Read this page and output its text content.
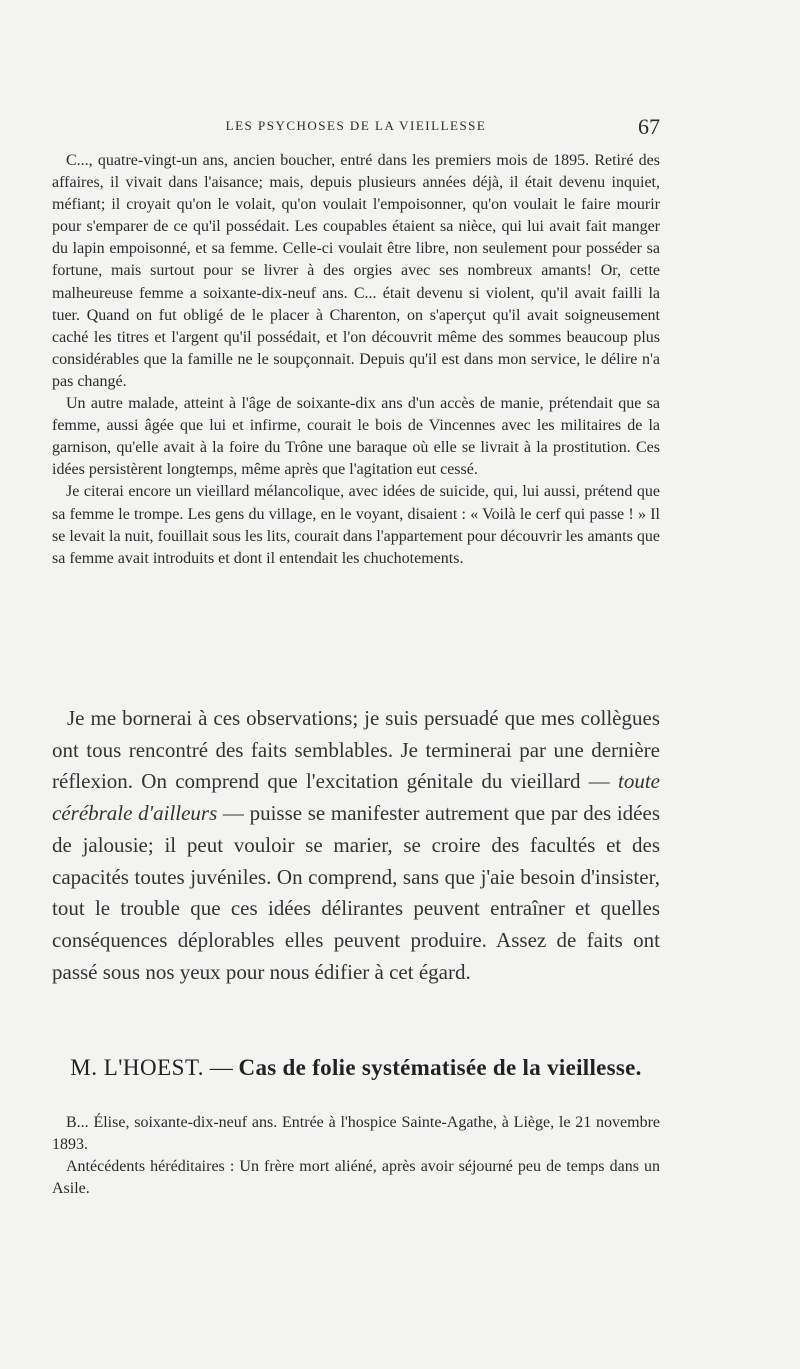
LES PSYCHOSES DE LA VIEILLESSE	67

C..., quatre-vingt-un ans, ancien boucher, entré dans les premiers mois de 1895. Retiré des affaires, il vivait dans l'aisance; mais, depuis plusieurs années déjà, il était devenu inquiet, méfiant; il croyait qu'on le volait, qu'on voulait l'empoisonner, qu'on voulait le faire mourir pour s'emparer de ce qu'il possédait. Les coupables étaient sa nièce, qui lui avait fait manger du lapin empoisonné, et sa femme. Celle-ci voulait être libre, non seulement pour posséder sa fortune, mais surtout pour se livrer à des orgies avec ses nombreux amants! Or, cette malheureuse femme a soixante-dix-neuf ans. C... était devenu si violent, qu'il avait failli la tuer. Quand on fut obligé de le placer à Charenton, on s'aperçut qu'il avait soigneusement caché les titres et l'argent qu'il possédait, et l'on découvrit même des sommes beaucoup plus considérables que la famille ne le soupçonnait. Depuis qu'il est dans mon service, le délire n'a pas changé.

Un autre malade, atteint à l'âge de soixante-dix ans d'un accès de manie, prétendait que sa femme, aussi âgée que lui et infirme, courait le bois de Vincennes avec les militaires de la garnison, qu'elle avait à la foire du Trône une baraque où elle se livrait à la prostitution. Ces idées persistèrent longtemps, même après que l'agitation eut cessé.

Je citerai encore un vieillard mélancolique, avec idées de suicide, qui, lui aussi, prétend que sa femme le trompe. Les gens du village, en le voyant, disaient : « Voilà le cerf qui passe ! » Il se levait la nuit, fouillait sous les lits, courait dans l'appartement pour découvrir les amants que sa femme avait introduits et dont il entendait les chuchotements.

Je me bornerai à ces observations; je suis persuadé que mes collègues ont tous rencontré des faits semblables. Je terminerai par une dernière réflexion. On comprend que l'excitation génitale du vieillard — toute cérébrale d'ailleurs — puisse se manifester autrement que par des idées de jalousie; il peut vouloir se marier, se croire des facultés et des capacités toutes juvéniles. On comprend, sans que j'aie besoin d'insister, tout le trouble que ces idées délirantes peuvent entraîner et quelles conséquences déplorables elles peuvent produire. Assez de faits ont passé sous nos yeux pour nous édifier à cet égard.

M. L'HOEST. — Cas de folie systématisée de la vieillesse.

B... Élise, soixante-dix-neuf ans. Entrée à l'hospice Sainte-Agathe, à Liège, le 21 novembre 1893.

Antécédents héréditaires : Un frère mort aliéné, après avoir séjourné peu de temps dans un Asile.
